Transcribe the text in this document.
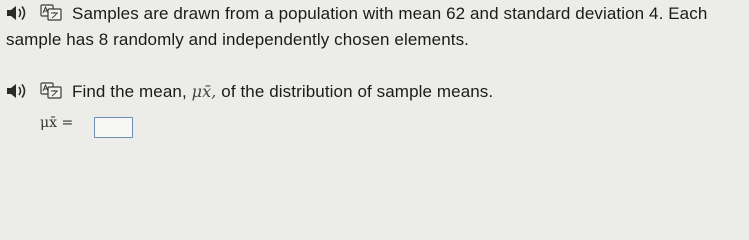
Samples are drawn from a population with mean 62 and standard deviation 4. Each
sample has 8 randomly and independently chosen elements.
Find the mean, μx̄, of the distribution of sample means.
μx̄ =
